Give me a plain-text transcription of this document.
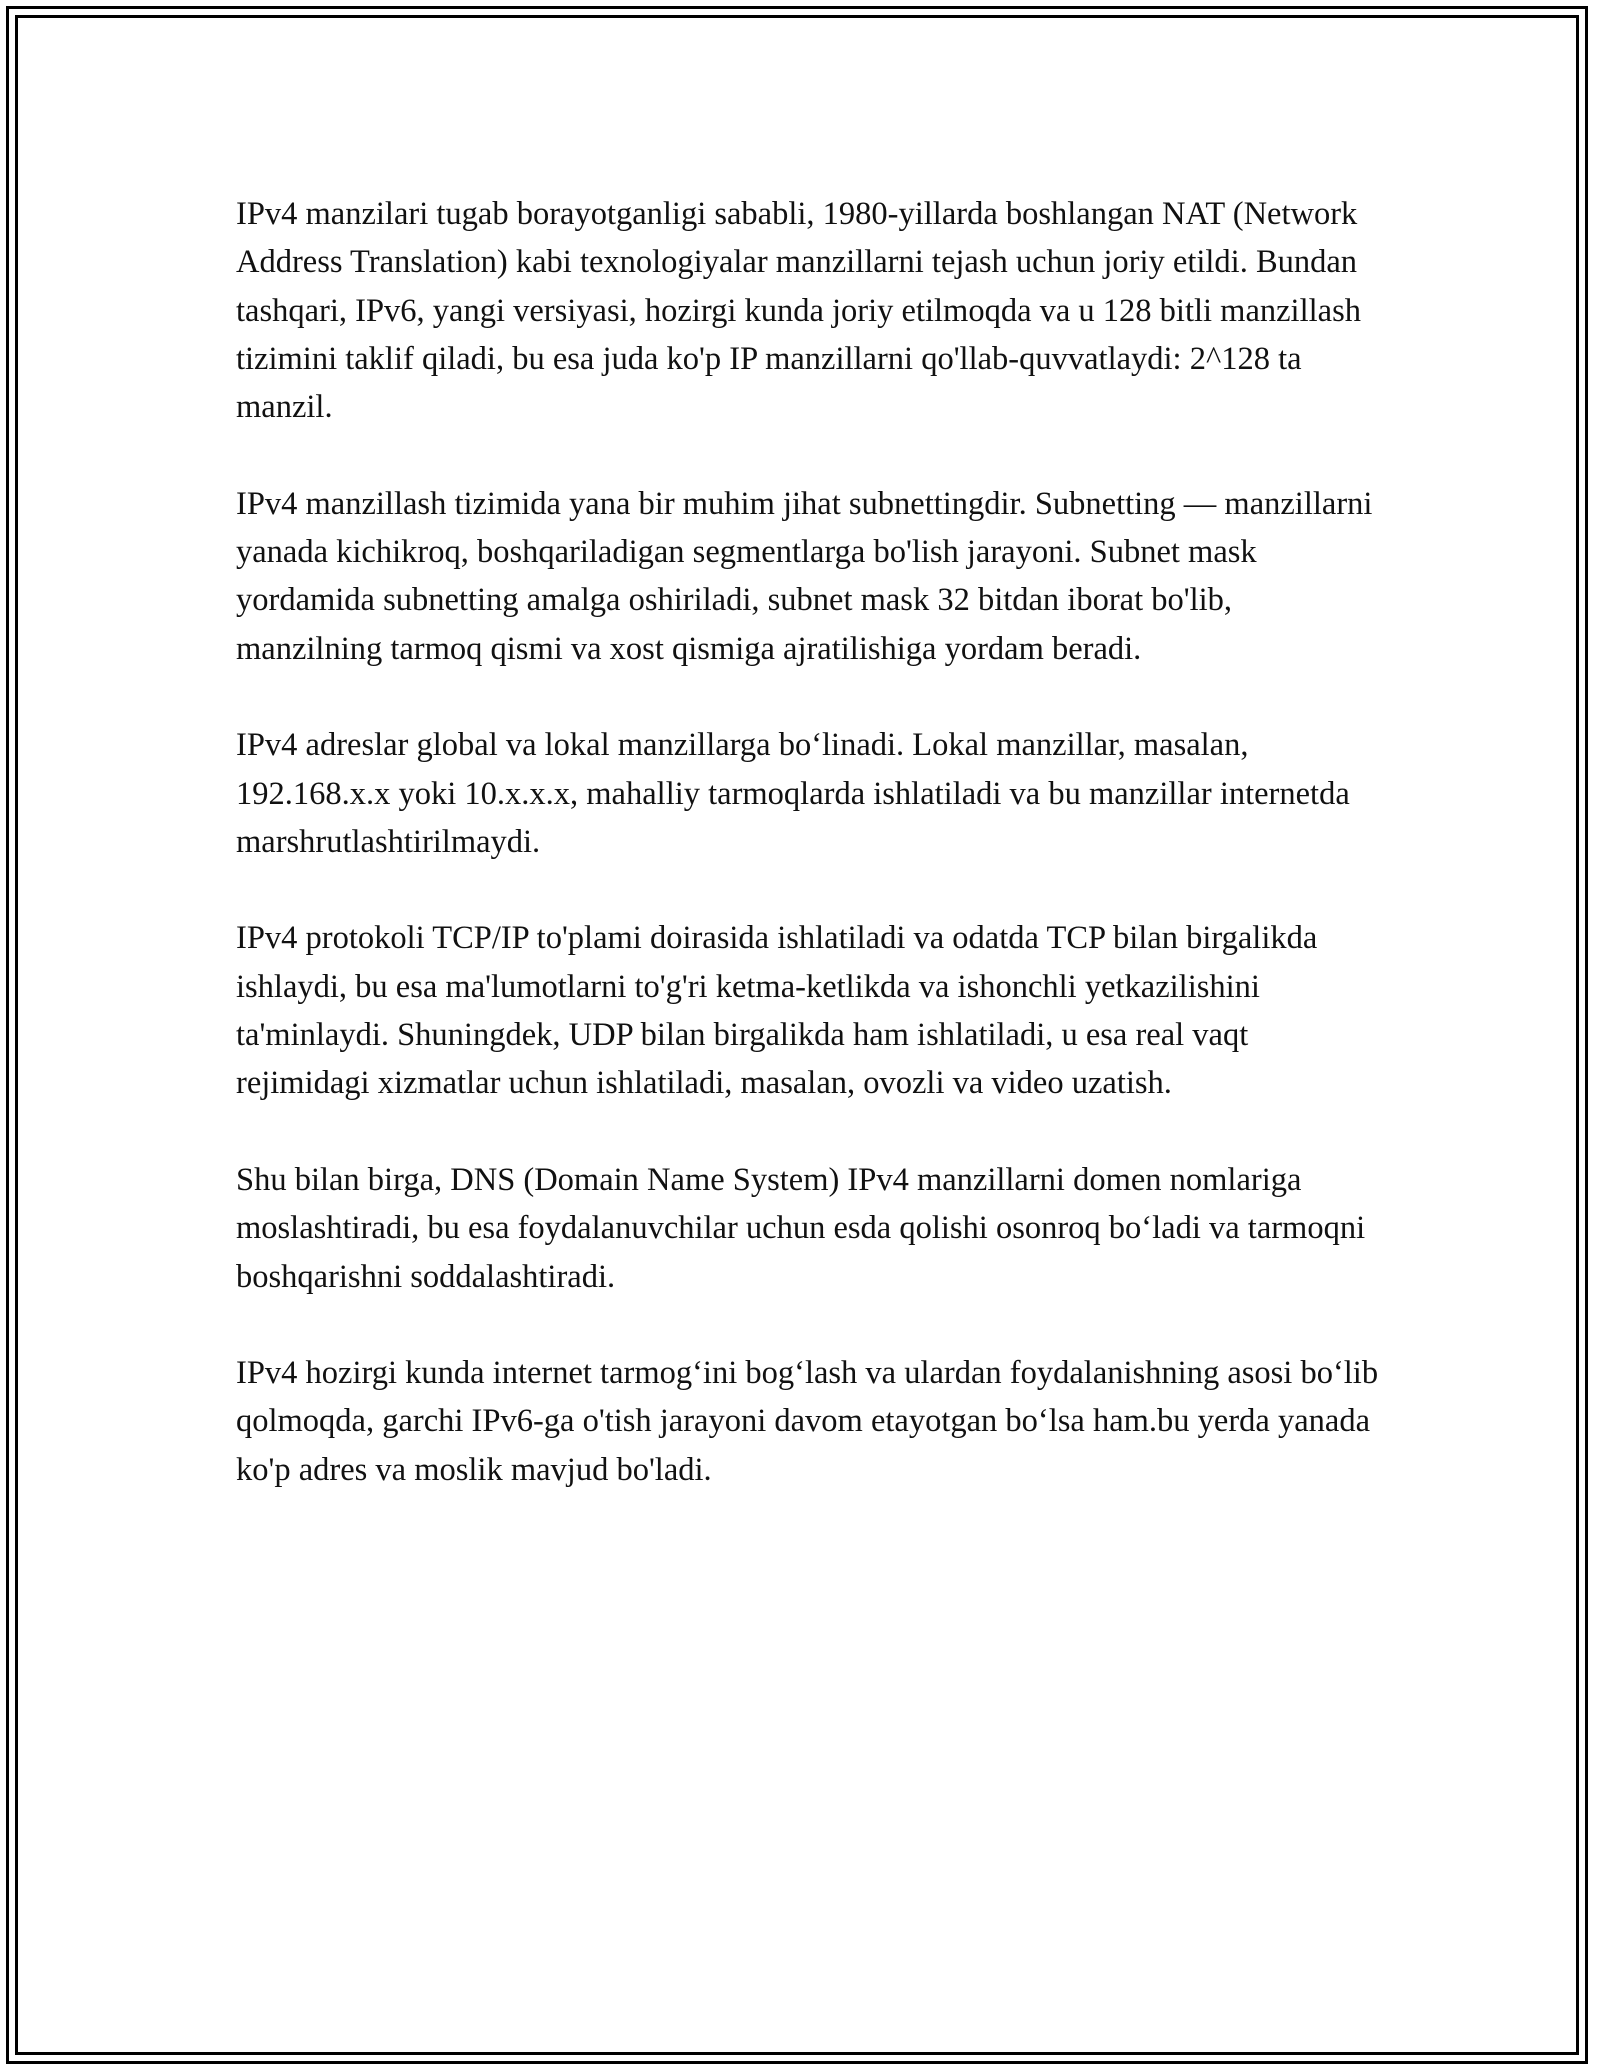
IPv4 manzilari tugab borayotganligi sababli, 1980-yillarda boshlangan NAT (Network Address Translation) kabi texnologiyalar manzillarni tejash uchun joriy etildi. Bundan tashqari, IPv6, yangi versiyasi, hozirgi kunda joriy etilmoqda va u 128 bitli manzillash tizimini taklif qiladi, bu esa juda ko'p IP manzillarni qo'llab-quvvatlaydi: 2^128 ta manzil.

IPv4 manzillash tizimida yana bir muhim jihat subnettingdir. Subnetting — manzillarni yanada kichikroq, boshqariladigan segmentlarga bo'lish jarayoni. Subnet mask yordamida subnetting amalga oshiriladi, subnet mask 32 bitdan iborat bo'lib, manzilning tarmoq qismi va xost qismiga ajratilishiga yordam beradi.

IPv4 adreslar global va lokal manzillarga boʻlinadi. Lokal manzillar, masalan, 192.168.x.x yoki 10.x.x.x, mahalliy tarmoqlarda ishlatiladi va bu manzillar internetda marshrutlashtirilmaydi.

IPv4 protokoli TCP/IP to'plami doirasida ishlatiladi va odatda TCP bilan birgalikda ishlaydi, bu esa ma'lumotlarni to'g'ri ketma-ketlikda va ishonchli yetkazilishini ta'minlaydi. Shuningdek, UDP bilan birgalikda ham ishlatiladi, u esa real vaqt rejimidagi xizmatlar uchun ishlatiladi, masalan, ovozli va video uzatish.

Shu bilan birga, DNS (Domain Name System) IPv4 manzillarni domen nomlariga moslashtiradi, bu esa foydalanuvchilar uchun esda qolishi osonroq boʻladi va tarmoqni boshqarishni soddalashtiradi.

IPv4 hozirgi kunda internet tarmogʻini bogʻlash va ulardan foydalanishning asosi boʻlib qolmoqda, garchi IPv6-ga o'tish jarayoni davom etayotgan boʻlsa ham.bu yerda yanada ko'p adres va moslik mavjud bo'ladi.
